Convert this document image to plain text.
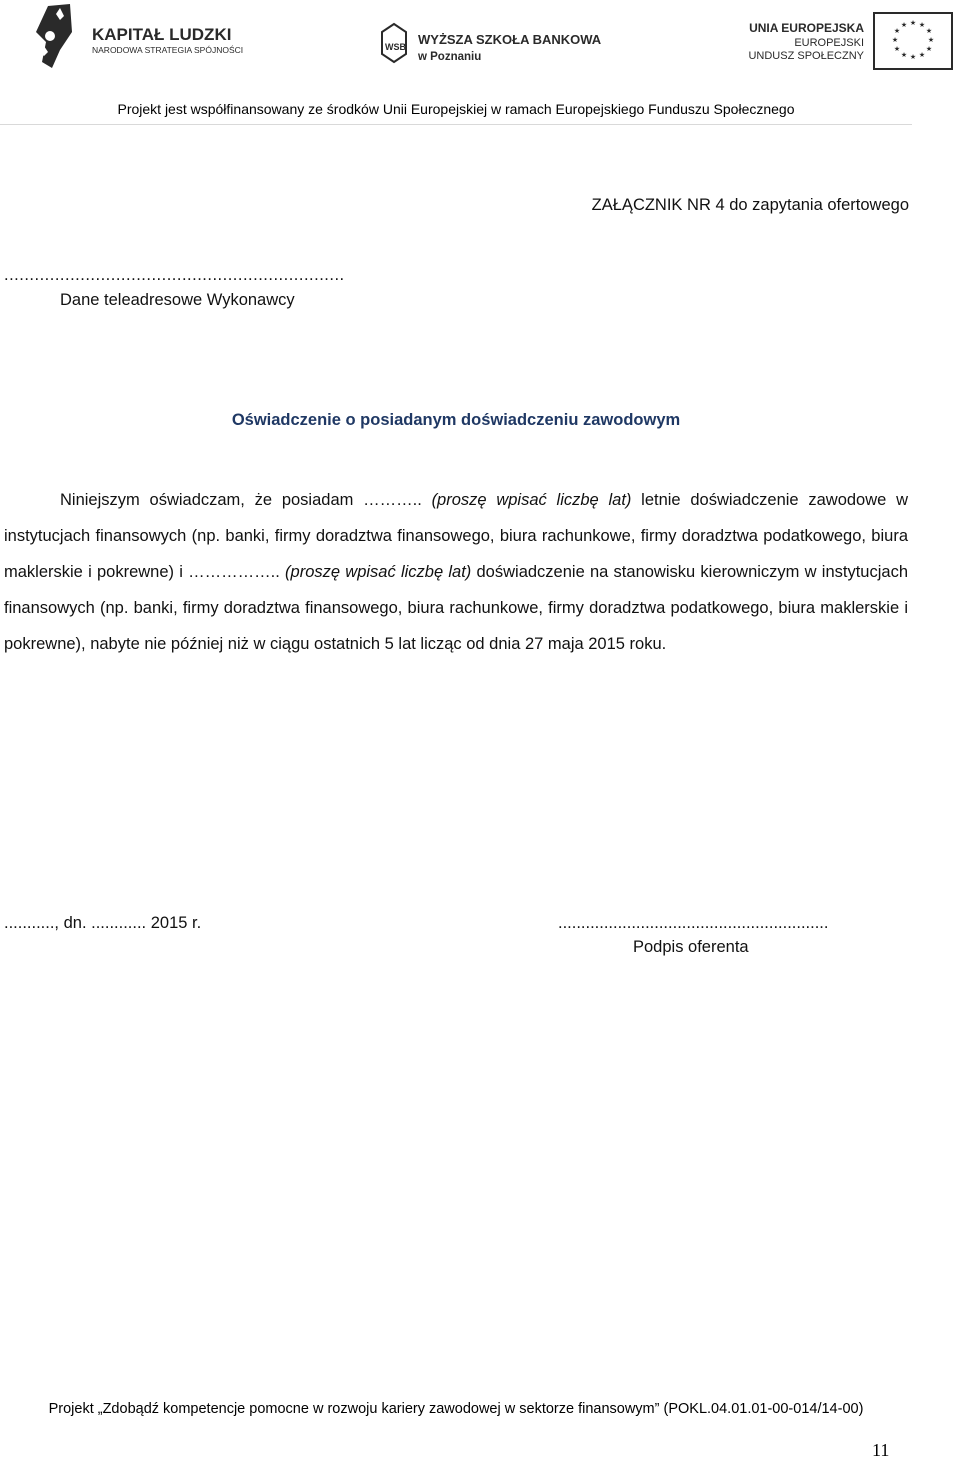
KAPITAŁ LUDZKI
NARODOWA STRATEGIA SPÓJNOŚCI	WSB WYŻSZA SZKOŁA BANKOWA
w Poznaniu
UNIA EUROPEJSKA
EUROPEJSKI
FUNDUSZ SPOŁECZNY
★ ★
★
★
★
★
★
★
★
★
★
★
Projekt jest współfinansowany ze środków Unii Europejskiej w ramach Europejskiego Funduszu Społecznego
ZAŁĄCZNIK NR 4 do zapytania ofertowego
...................................................................
Dane teleadresowe Wykonawcy
Oświadczenie o posiadanym doświadczeniu zawodowym
Niniejszym oświadczam, że posiadam ……….. (proszę wpisać liczbę lat) letnie doświadczenie zawodowe w instytucjach finansowych (np. banki, firmy doradztwa finansowego, biura rachunkowe, firmy doradztwa podatkowego, biura maklerskie i pokrewne) i …………….. (proszę wpisać liczbę lat) doświadczenie na stanowisku kierowniczym w instytucjach finansowych (np. banki, firmy doradztwa finansowego, biura rachunkowe, firmy doradztwa podatkowego, biura maklerskie i pokrewne), nabyte nie później niż w ciągu ostatnich 5 lat licząc od dnia 27 maja 2015 roku.
..........., dn. ............ 2015 r.	...........................................................
Podpis oferenta
Projekt „Zdobądź kompetencje pomocne w rozwoju kariery zawodowej w sektorze finansowym” (POKL.04.01.01-00-014/14-00)
11
